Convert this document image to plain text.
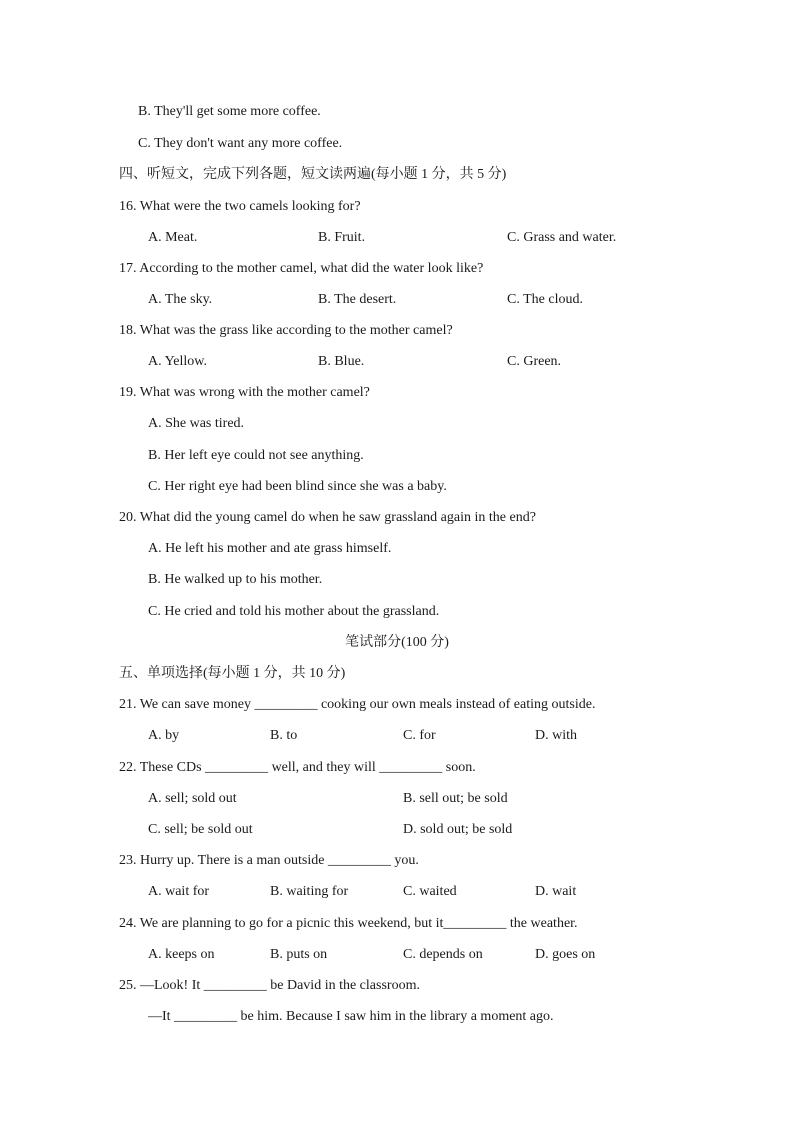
B. They'll get some more coffee.
C. They don't want any more coffee.
四、听短文，完成下列各题，短文读两遍(每小题 1 分，共 5 分)
16. What were the two camels looking for?
A. Meat.	B. Fruit.	C. Grass and water.
17. According to the mother camel, what did the water look like?
A. The sky.	B. The desert.	C. The cloud.
18. What was the grass like according to the mother camel?
A. Yellow.	B. Blue.	C. Green.
19. What was wrong with the mother camel?
A. She was tired.
B. Her left eye could not see anything.
C. Her right eye had been blind since she was a baby.
20. What did the young camel do when he saw grassland again in the end?
A. He left his mother and ate grass himself.
B. He walked up to his mother.
C. He cried and told his mother about the grassland.
笔试部分(100 分)
五、单项选择(每小题 1 分，共 10 分)
21. We can save money _________ cooking our own meals instead of eating outside.
A. by	B. to	C. for	D. with
22. These CDs _________ well, and they will _________ soon.
A. sell; sold out	B. sell out; be sold
C. sell; be sold out	D. sold out; be sold
23. Hurry up. There is a man outside _________ you.
A. wait for	B. waiting for	C. waited	D. wait
24. We are planning to go for a picnic this weekend, but it_________ the weather.
A. keeps on	B. puts on	C. depends on	D. goes on
25. —Look! It _________ be David in the classroom.
—It _________ be him. Because I saw him in the library a moment ago.
